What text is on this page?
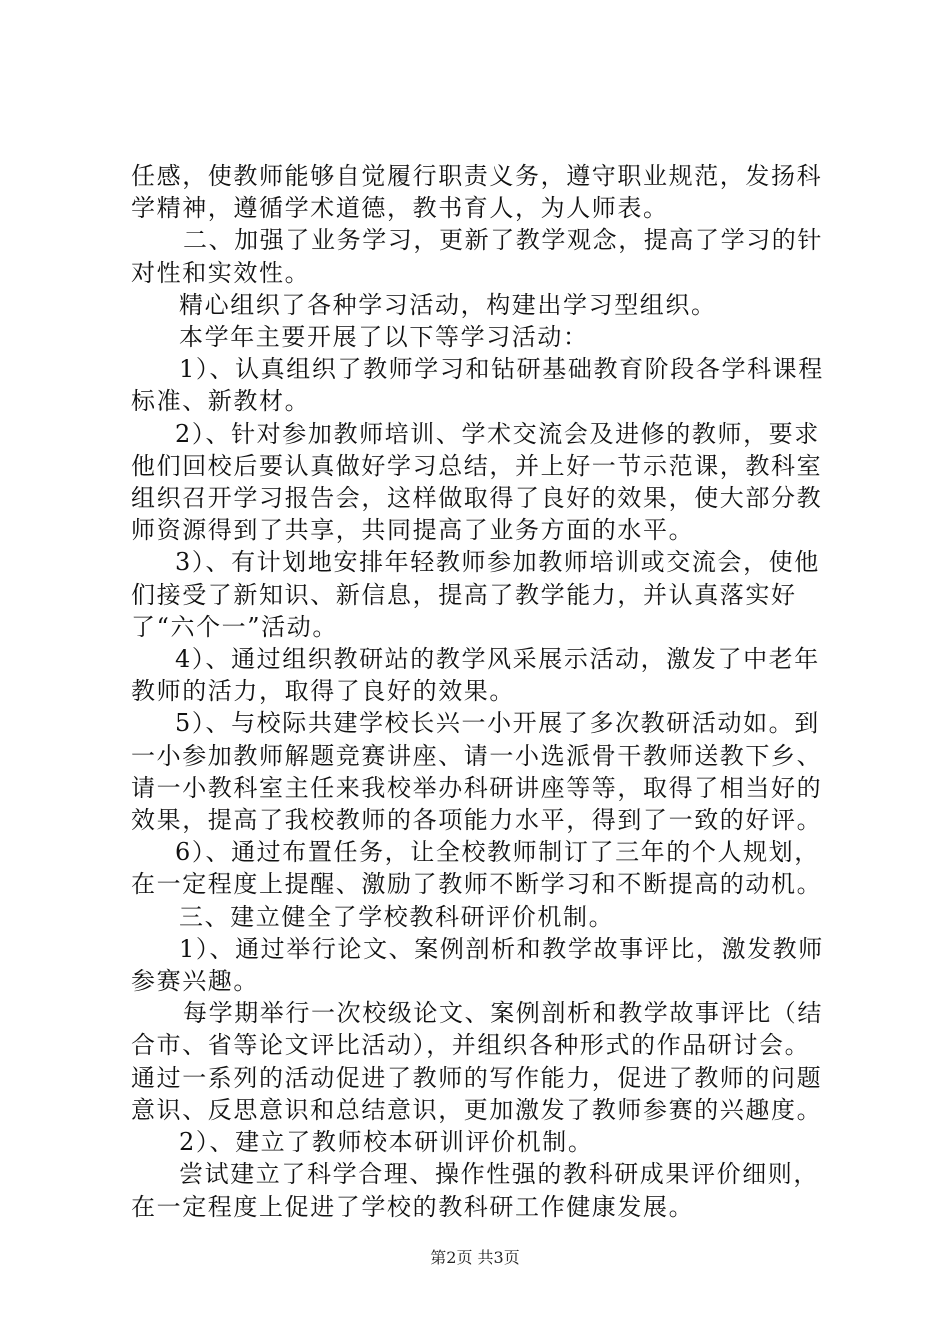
任感，使教师能够自觉履行职责义务，遵守职业规范，发扬科学精神，遵循学术道德，教书育人，为人师表。

二、加强了业务学习，更新了教学观念，提高了学习的针对性和实效性。

精心组织了各种学习活动，构建出学习型组织。

本学年主要开展了以下等学习活动：

1）、认真组织了教师学习和钻研基础教育阶段各学科课程标准、新教材。

2）、针对参加教师培训、学术交流会及进修的教师，要求他们回校后要认真做好学习总结，并上好一节示范课，教科室组织召开学习报告会，这样做取得了良好的效果，使大部分教师资源得到了共享，共同提高了业务方面的水平。

3）、有计划地安排年轻教师参加教师培训或交流会，使他们接受了新知识、新信息，提高了教学能力，并认真落实好了“六个一”活动。

4）、通过组织教研站的教学风采展示活动，激发了中老年教师的活力，取得了良好的效果。

5）、与校际共建学校长兴一小开展了多次教研活动如。到一小参加教师解题竞赛讲座、请一小选派骨干教师送教下乡、请一小教科室主任来我校举办科研讲座等等，取得了相当好的效果，提高了我校教师的各项能力水平，得到了一致的好评。

6）、通过布置任务，让全校教师制订了三年的个人规划，在一定程度上提醒、激励了教师不断学习和不断提高的动机。

三、建立健全了学校教科研评价机制。

1）、通过举行论文、案例剖析和教学故事评比，激发教师参赛兴趣。

每学期举行一次校级论文、案例剖析和教学故事评比（结合市、省等论文评比活动），并组织各种形式的作品研讨会。通过一系列的活动促进了教师的写作能力，促进了教师的问题意识、反思意识和总结意识，更加激发了教师参赛的兴趣度。

2）、建立了教师校本研训评价机制。

尝试建立了科学合理、操作性强的教科研成果评价细则，在一定程度上促进了学校的教科研工作健康发展。

第2页 共3页
